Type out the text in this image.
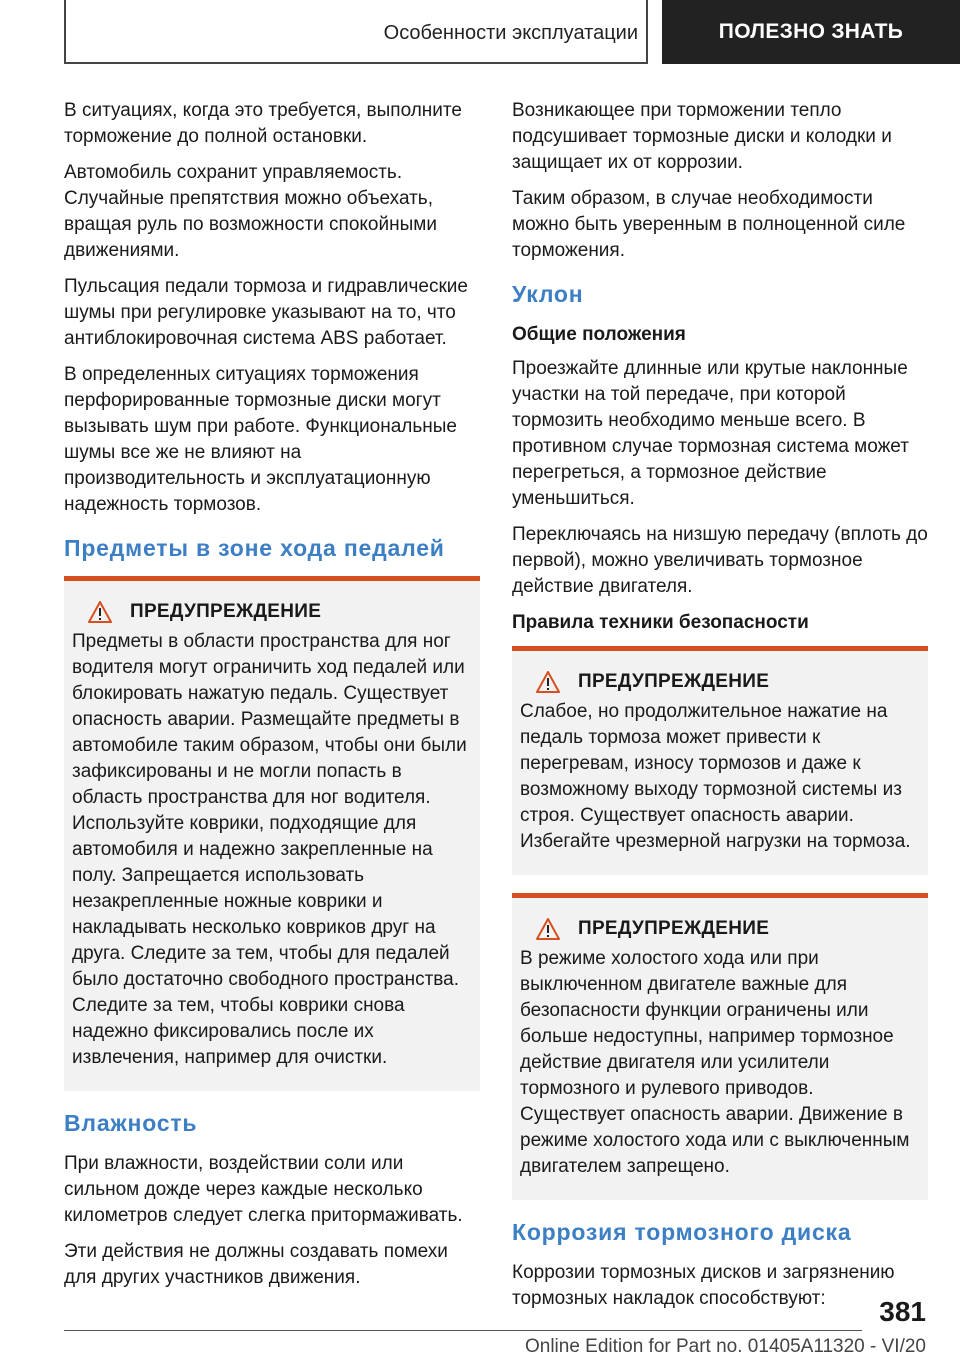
Особенности эксплуатации	ПОЛЕЗНО ЗНАТЬ

В ситуациях, когда это требуется, выполните торможение до полной остановки.

Автомобиль сохранит управляемость. Случайные препятствия можно объехать, вращая руль по возможности спокойными движениями.

Пульсация педали тормоза и гидравлические шумы при регулировке указывают на то, что антиблокировочная система ABS работает.

В определенных ситуациях торможения перфорированные тормозные диски могут вызывать шум при работе. Функциональные шумы все же не влияют на производительность и эксплуатационную надежность тормозов.

Предметы в зоне хода педалей
ПРЕДУПРЕЖДЕНИЕ

Предметы в области пространства для ног водителя могут ограничить ход педалей или блокировать нажатую педаль. Существует опасность аварии. Размещайте предметы в автомобиле таким образом, чтобы они были зафиксированы и не могли попасть в область пространства для ног водителя. Используйте коврики, подходящие для автомобиля и надежно закрепленные на полу. Запрещается использовать незакрепленные ножные коврики и накладывать несколько ковриков друг на друга. Следите за тем, чтобы для педалей было достаточно свободного пространства. Следите за тем, чтобы коврики снова надежно фиксировались после их извлечения, например для очистки.

Влажность

При влажности, воздействии соли или сильном дожде через каждые несколько километров следует слегка притормаживать.

Эти действия не должны создавать помехи для других участников движения.

Возникающее при торможении тепло подсушивает тормозные диски и колодки и защищает их от коррозии.

Таким образом, в случае необходимости можно быть уверенным в полноценной силе торможения.

Уклон
Общие положения

Проезжайте длинные или крутые наклонные участки на той передаче, при которой тормозить необходимо меньше всего. В противном случае тормозная система может перегреться, а тормозное действие уменьшиться.

Переключаясь на низшую передачу (вплоть до первой), можно увеличивать тормозное действие двигателя.

Правила техники безопасности
ПРЕДУПРЕЖДЕНИЕ

Слабое, но продолжительное нажатие на педаль тормоза может привести к перегревам, износу тормозов и даже к возможному выходу тормозной системы из строя. Существует опасность аварии. Избегайте чрезмерной нагрузки на тормоза.

ПРЕДУПРЕЖДЕНИЕ

В режиме холостого хода или при выключенном двигателе важные для безопасности функции ограничены или больше недоступны, например тормозное действие двигателя или усилители тормозного и рулевого приводов. Существует опасность аварии. Движение в режиме холостого хода или с выключенным двигателем запрещено.

Коррозия тормозного диска

Коррозии тормозных дисков и загрязнению тормозных накладок способствуют:	381
Online Edition for Part no. 01405A11320 - VI/20
